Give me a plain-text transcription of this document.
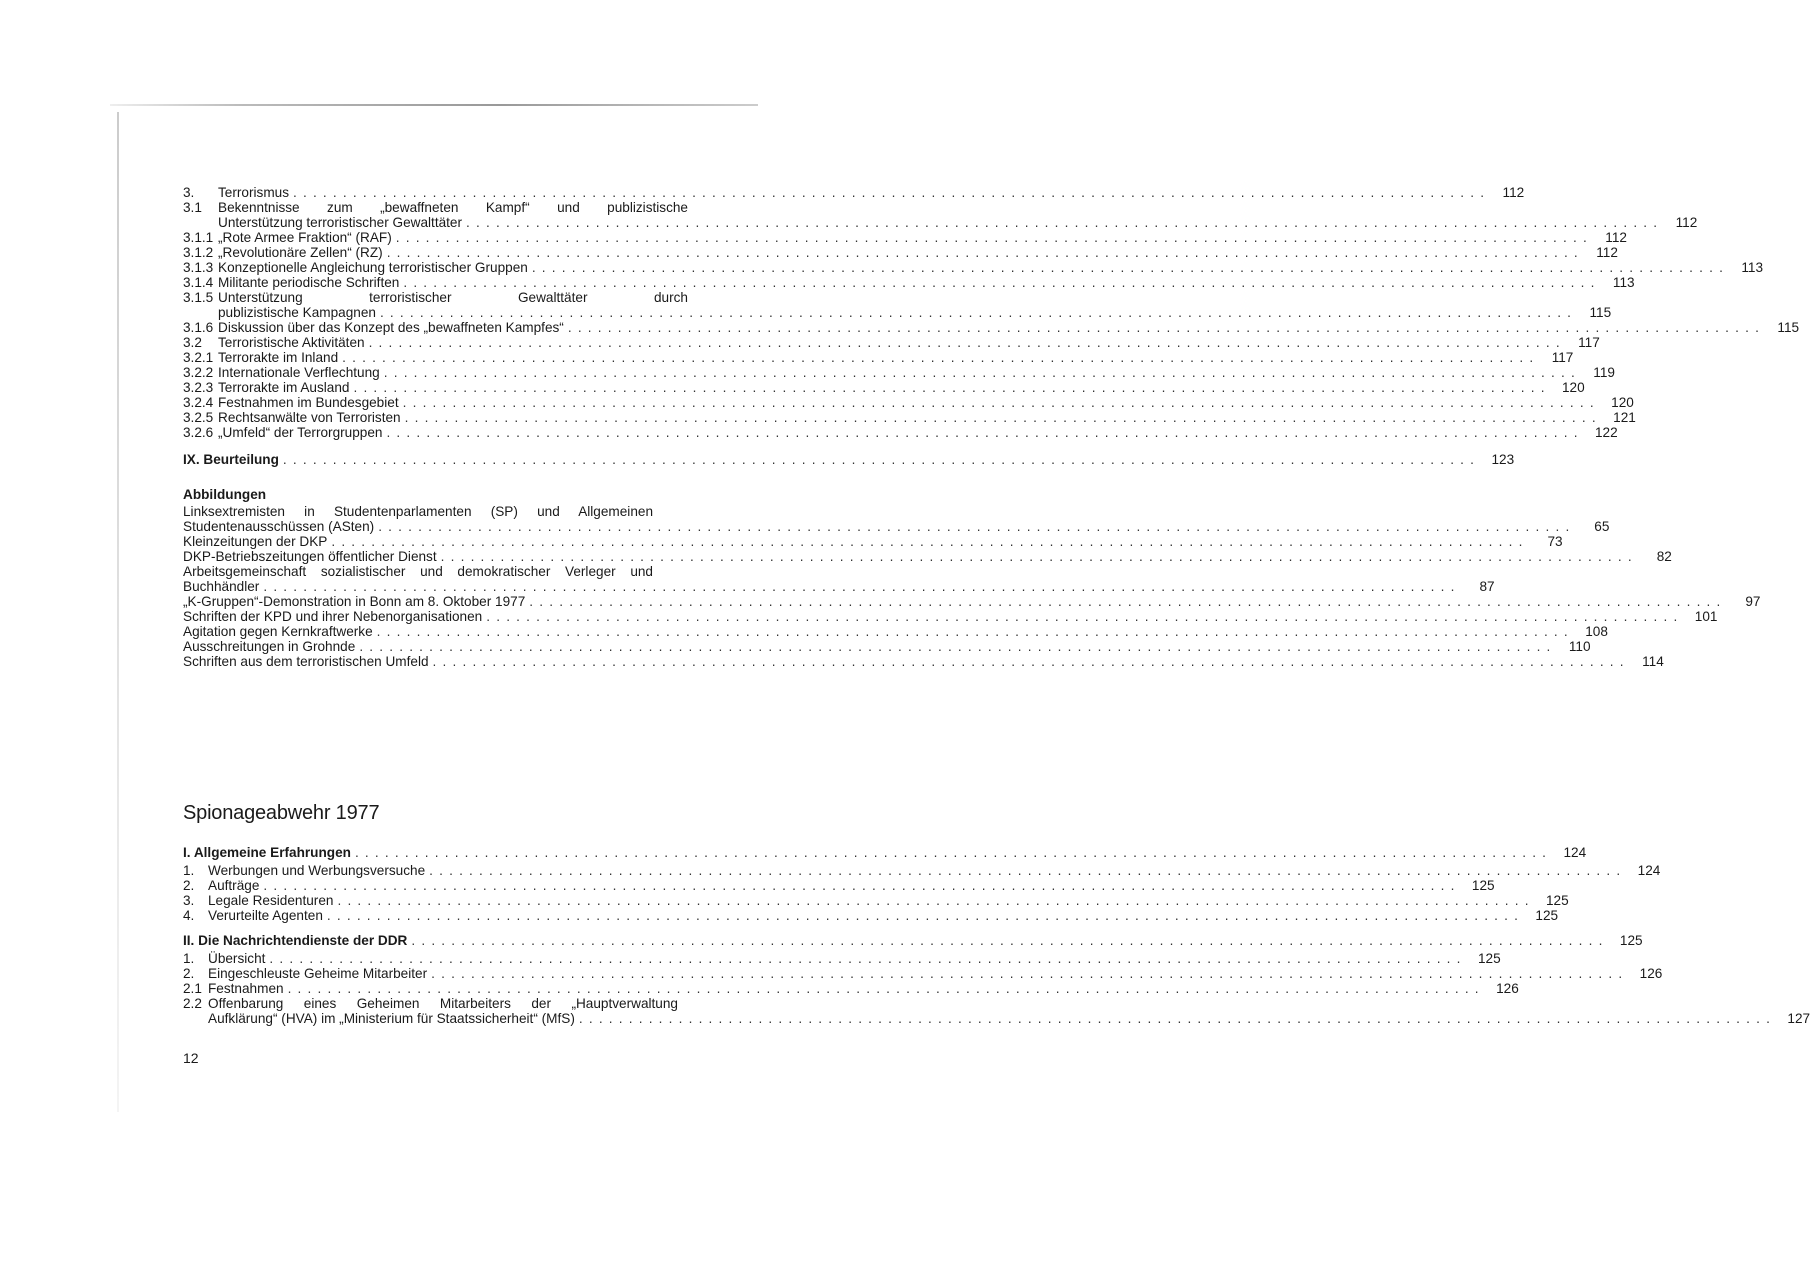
3.	Terrorismus ........................................................................................................................ 112
3.1	Bekenntnisse zum „bewaffneten Kampf“ und publizistische
Unterstützung terroristischer Gewalttäter ........................................................................................................................ 112
3.1.1 „Rote Armee Fraktion“ (RAF) ........................................................................................................................ 112
3.1.2 „Revolutionäre Zellen“ (RZ) ........................................................................................................................ 112
3.1.3 Konzeptionelle Angleichung terroristischer Gruppen ........................................................................................................................ 113
3.1.4 Militante periodische Schriften ........................................................................................................................ 113
3.1.5 Unterstützung terroristischer Gewalttäter durch
publizistische Kampagnen ........................................................................................................................ 115
3.1.6 Diskussion über das Konzept des „bewaffneten Kampfes“ ........................................................................................................................ 115
3.2	Terroristische Aktivitäten ........................................................................................................................ 117
3.2.1 Terrorakte im Inland ........................................................................................................................ 117
3.2.2 Internationale Verflechtung ........................................................................................................................ 119
3.2.3 Terrorakte im Ausland ........................................................................................................................ 120
3.2.4 Festnahmen im Bundesgebiet ........................................................................................................................ 120
3.2.5 Rechtsanwälte von Terroristen ........................................................................................................................ 121
3.2.6 „Umfeld“ der Terrorgruppen ........................................................................................................................ 122
IX. Beurteilung ........................................................................................................................ 123
Abbildungen
Linksextremisten in Studentenparlamenten (SP) und Allgemeinen
Studentenausschüssen (ASten) ........................................................................................................................	65
Kleinzeitungen der DKP ........................................................................................................................	73
DKP-Betriebszeitungen öffentlicher Dienst ........................................................................................................................	82
Arbeitsgemeinschaft sozialistischer und demokratischer Verleger und
Buchhändler ........................................................................................................................	87
„K-Gruppen“-Demonstration in Bonn am 8. Oktober 1977 ........................................................................................................................	97
Schriften der KPD und ihrer Nebenorganisationen ........................................................................................................................ 101
Agitation gegen Kernkraftwerke ........................................................................................................................ 108
Ausschreitungen in Grohnde ........................................................................................................................ 110
Schriften aus dem terroristischen Umfeld ........................................................................................................................ 114
Spionageabwehr 1977
I. Allgemeine Erfahrungen ........................................................................................................................ 124
1.	Werbungen und Werbungsversuche ........................................................................................................................ 124
2.	Aufträge ........................................................................................................................ 125
3.	Legale Residenturen ........................................................................................................................ 125
4.	Verurteilte Agenten ........................................................................................................................ 125
II. Die Nachrichtendienste der DDR ........................................................................................................................ 125
1.	Übersicht ........................................................................................................................ 125
2.	Eingeschleuste Geheime Mitarbeiter ........................................................................................................................ 126
2.1 Festnahmen ........................................................................................................................ 126
2.2 Offenbarung eines Geheimen Mitarbeiters der „Hauptverwaltung
Aufklärung“ (HVA) im „Ministerium für Staatssicherheit“ (MfS) ........................................................................................................................ 127
12
